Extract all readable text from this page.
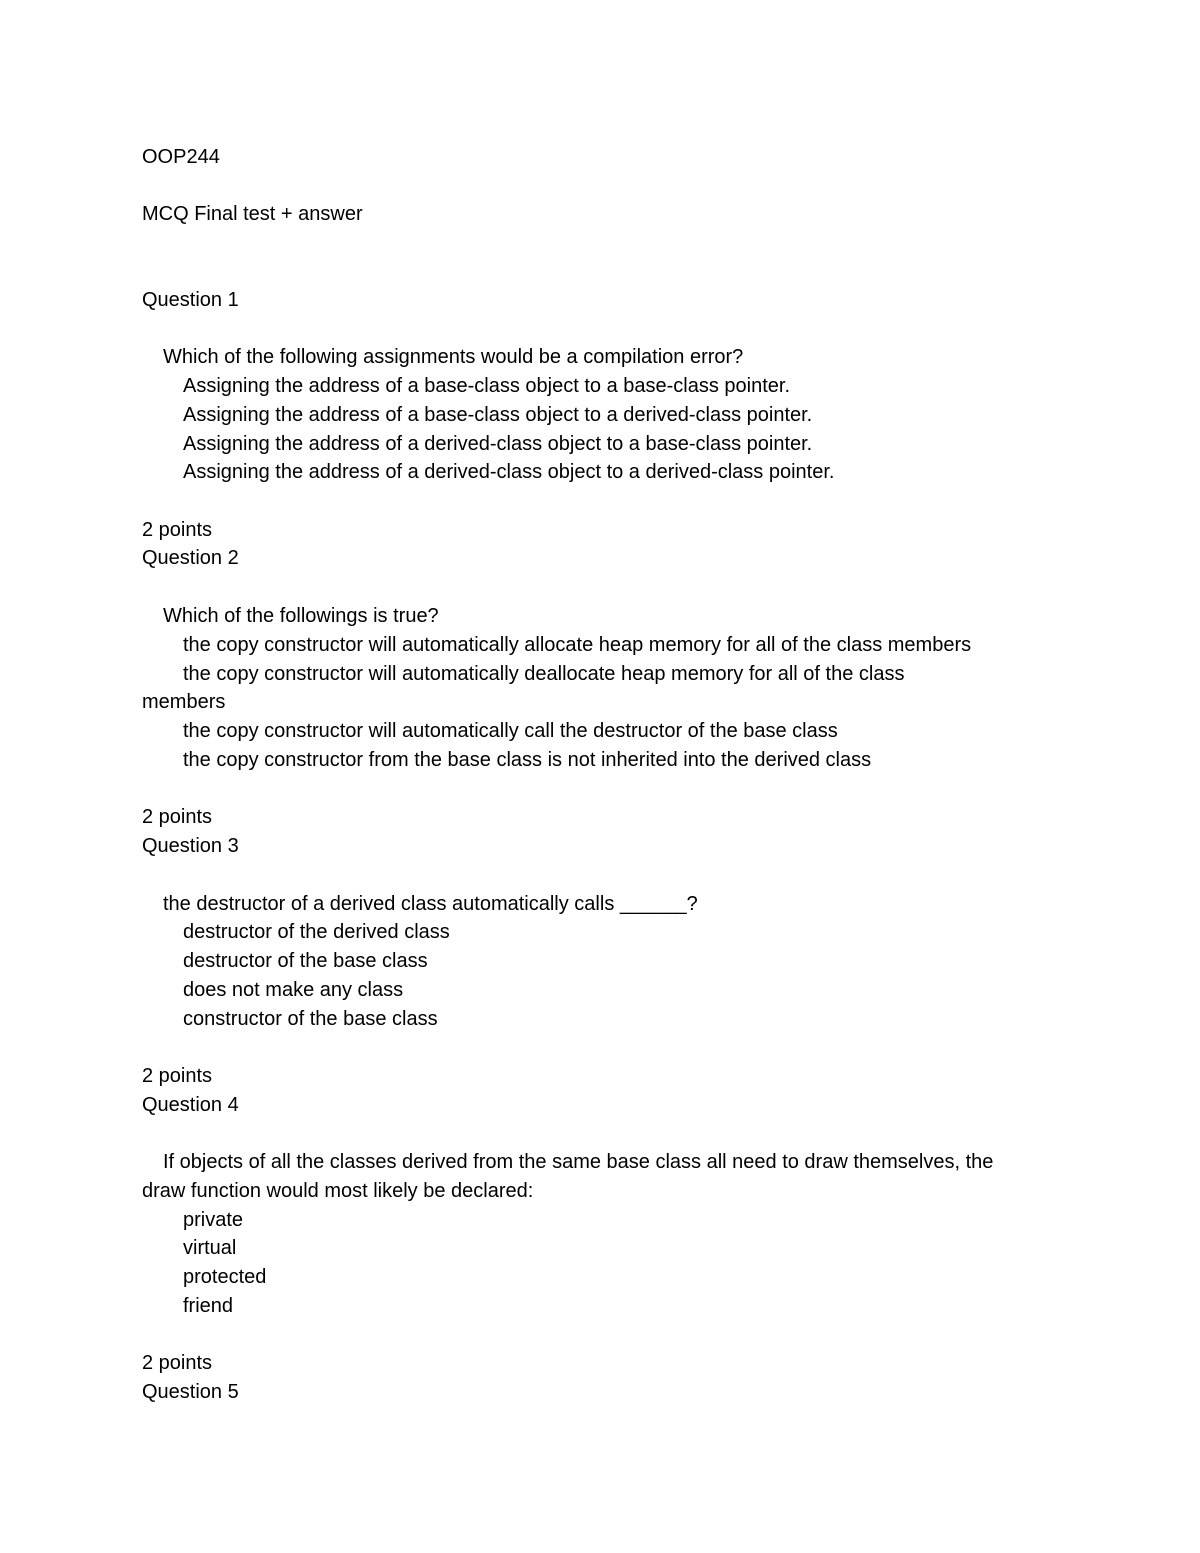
OOP244
MCQ Final test + answer
Question 1
Which of the following assignments would be a compilation error?
Assigning the address of a base-class object to a base-class pointer.
Assigning the address of a base-class object to a derived-class pointer.
Assigning the address of a derived-class object to a base-class pointer.
Assigning the address of a derived-class object to a derived-class pointer.
2 points
Question 2
Which of the followings is true?
the copy constructor will automatically allocate heap memory for all of the class members
the copy constructor will automatically deallocate heap memory for all of the class
members
the copy constructor will automatically call the destructor of the base class
the copy constructor from the base class is not inherited into the derived class
2 points
Question 3
the destructor of a derived class automatically calls ______?
destructor of the derived class
destructor of the base class
does not make any class
constructor of the base class
2 points
Question 4
If objects of all the classes derived from the same base class all need to draw themselves, the
draw function would most likely be declared:
private
virtual
protected
friend
2 points
Question 5
